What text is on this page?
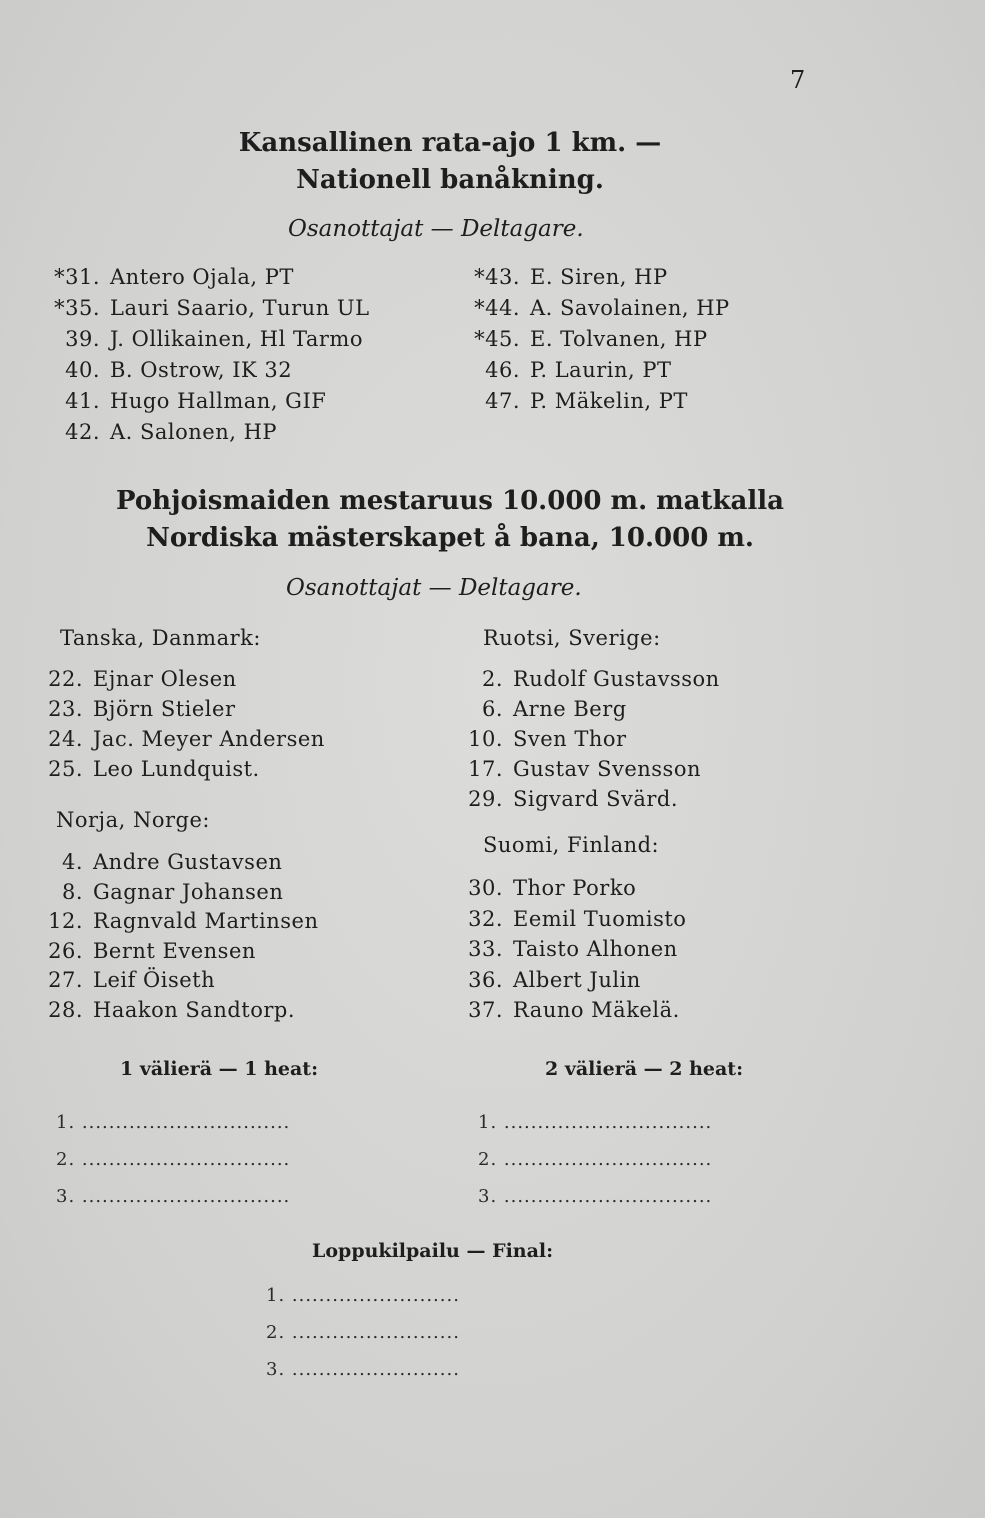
7
Kansallinen rata-ajo 1 km. —
Nationell banåkning.
Osanottajat — Deltagare.
*31. Antero Ojala, PT
*35. Lauri Saario, Turun UL
39. J. Ollikainen, Hl Tarmo
40. B. Ostrow, IK 32
41. Hugo Hallman, GIF
42. A. Salonen, HP
*43. E. Siren, HP
*44. A. Savolainen, HP
*45. E. Tolvanen, HP
46. P. Laurin, PT
47. P. Mäkelin, PT
Pohjoismaiden mestaruus 10.000 m. matkalla
Nordiska mästerskapet å bana, 10.000 m.
Osanottajat — Deltagare.
Tanska, Danmark:
22. Ejnar Olesen
23. Björn Stieler
24. Jac. Meyer Andersen
25. Leo Lundquist.
Norja, Norge:
4. Andre Gustavsen
8. Gagnar Johansen
12. Ragnvald Martinsen
26. Bernt Evensen
27. Leif Öiseth
28. Haakon Sandtorp.
Ruotsi, Sverige:
2. Rudolf Gustavsson
6. Arne Berg
10. Sven Thor
17. Gustav Svensson
29. Sigvard Svärd.
Suomi, Finland:
30. Thor Porko
32. Eemil Tuomisto
33. Taisto Alhonen
36. Albert Julin
37. Rauno Mäkelä.
1 välierä — 1 heat:	2 välierä — 2 heat:
1. ...............................
2. ...............................
3. ...............................
1. ...............................
2. ...............................
3. ...............................
Loppukilpailu — Final:
1. .........................
2. .........................
3. .........................
